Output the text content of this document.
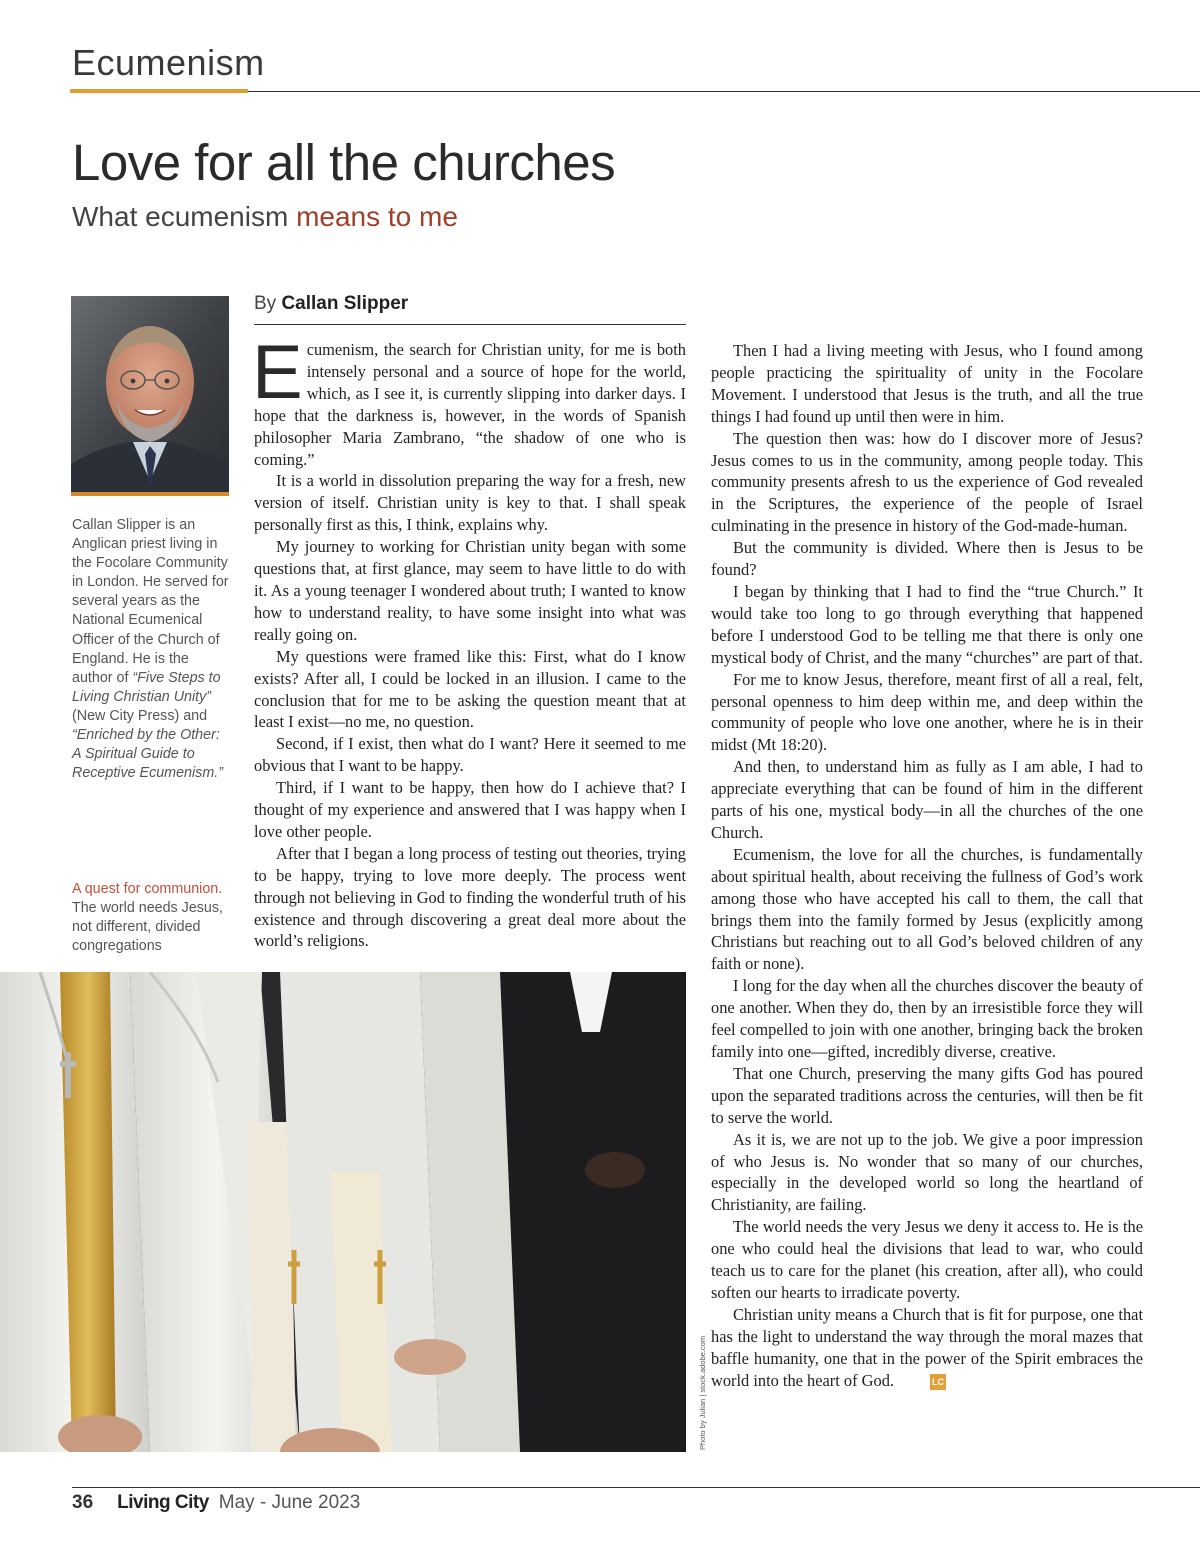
Ecumenism
Love for all the churches
What ecumenism means to me
Callan Slipper is an Anglican priest living in the Focolare Community in London. He served for several years as the National Ecumenical Officer of the Church of England. He is the author of “Five Steps to Living Christian Unity” (New City Press) and “Enriched by the Other: A Spiritual Guide to Receptive Ecumenism.”
A quest for communion. The world needs Jesus, not different, divided congregations
By Callan Slipper

Ecumenism, the search for Christian unity, for me is both intensely personal and a source of hope for the world, which, as I see it, is currently slipping into darker days. I hope that the darkness is, however, in the words of Spanish philosopher Maria Zambrano, “the shadow of one who is coming.”

It is a world in dissolution preparing the way for a fresh, new version of itself. Christian unity is key to that. I shall speak personally first as this, I think, explains why.

My journey to working for Christian unity began with some questions that, at first glance, may seem to have little to do with it. As a young teenager I wondered about truth; I wanted to know how to understand reality, to have some insight into what was really going on.

My questions were framed like this: First, what do I know exists? After all, I could be locked in an illusion. I came to the conclusion that for me to be asking the question meant that at least I exist—no me, no question.

Second, if I exist, then what do I want? Here it seemed to me obvious that I want to be happy.

Third, if I want to be happy, then how do I achieve that? I thought of my experience and answered that I was happy when I love other people.

After that I began a long process of testing out theories, trying to be happy, trying to love more deeply. The process went through not believing in God to finding the wonderful truth of his existence and through discovering a great deal more about the world’s religions.

Then I had a living meeting with Jesus, who I found among people practicing the spirituality of unity in the Focolare Movement. I understood that Jesus is the truth, and all the true things I had found up until then were in him.

The question then was: how do I discover more of Jesus? Jesus comes to us in the community, among people today. This community presents afresh to us the experience of God revealed in the Scriptures, the experience of the people of Israel culminating in the presence in history of the God-made-human.

But the community is divided. Where then is Jesus to be found?

I began by thinking that I had to find the “true Church.” It would take too long to go through everything that happened before I understood God to be telling me that there is only one mystical body of Christ, and the many “churches” are part of that.

For me to know Jesus, therefore, meant first of all a real, felt, personal openness to him deep within me, and deep within the community of people who love one another, where he is in their midst (Mt 18:20).

And then, to understand him as fully as I am able, I had to appreciate everything that can be found of him in the different parts of his one, mystical body—in all the churches of the one Church.

Ecumenism, the love for all the churches, is fundamentally about spiritual health, about receiving the fullness of God’s work among those who have accepted his call to them, the call that brings them into the family formed by Jesus (explicitly among Christians but reaching out to all God’s beloved children of any faith or none).

I long for the day when all the churches discover the beauty of one another. When they do, then by an irresistible force they will feel compelled to join with one another, bringing back the broken family into one—gifted, incredibly diverse, creative.

That one Church, preserving the many gifts God has poured upon the separated traditions across the centuries, will then be fit to serve the world.

As it is, we are not up to the job. We give a poor impression of who Jesus is. No wonder that so many of our churches, especially in the developed world so long the heartland of Christianity, are failing.

The world needs the very Jesus we deny it access to. He is the one who could heal the divisions that lead to war, who could teach us to care for the planet (his creation, after all), who could soften our hearts to irradicate poverty.

Christian unity means a Church that is fit for purpose, one that has the light to understand the way through the moral mazes that baffle humanity, one that in the power of the Spirit embraces the world into the heart of God.	LC

Photo by Julian | stock.adobe.com
36 Living City May - June 2023
